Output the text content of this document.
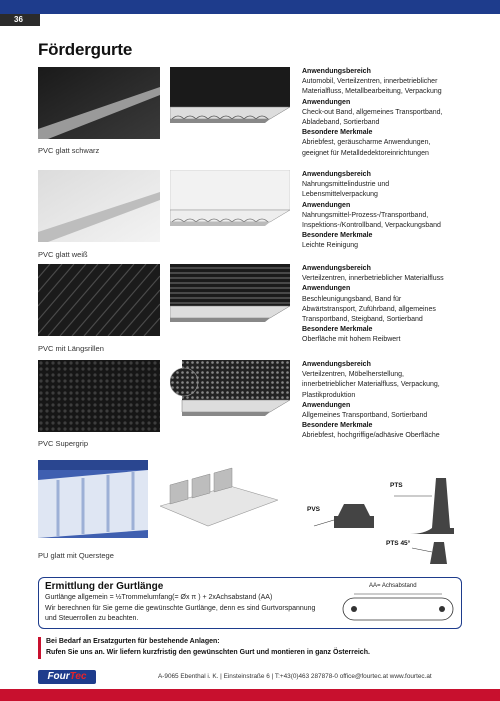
36
Fördergurte
PVC glatt schwarz
Anwendungsbereich
Automobil, Verteilzentren, innerbetrieblicher
Materialfluss, Metallbearbeitung, Verpackung
Anwendungen
Check-out Band, allgemeines Transportband,
Abladeband, Sortierband
Besondere Merkmale
Abriebfest, geräuscharme Anwendungen,
geeignet für Metalldedektoreinrichtungen
PVC glatt weiß
Anwendungsbereich
Nahrungsmittelindustrie und
Lebensmittelverpackung
Anwendungen
Nahrungsmittel-Prozess-/Transportband,
Inspektions-/Kontrollband, Verpackungsband
Besondere Merkmale
Leichte Reinigung
PVC mit Längsrillen
Anwendungsbereich
Verteilzentren, innerbetrieblicher Materialfluss
Anwendungen
Beschleunigungsband, Band für
Abwärtstransport, Zuführband, allgemeines
Transportband, Steigband, Sortierband
Besondere Merkmale
Oberfläche mit hohem Reibwert
PVC Supergrip
Anwendungsbereich
Verteilzentren, Möbelherstellung,
innerbetrieblicher Materialfluss, Verpackung,
Plastikproduktion
Anwendungen
Allgemeines Transportband, Sortierband
Besondere Merkmale
Abriebfest, hochgriffige/adhäsive Oberfläche
PU glatt mit Querstege
PVS
PTS
PTS 45°
Ermittlung der Gurtlänge
Gurtlänge allgemein = ½Trommelumfang(= Øx π ) + 2xAchsabstand (AA)
Wir berechnen für Sie gerne die gewünschte Gurtlänge, denn es sind Gurtvorspannung
und Steuerrollen zu beachten.
AA= Achsabstand
Bei Bedarf an Ersatzgurten für bestehende Anlagen:
Rufen Sie uns an. Wir liefern kurzfristig den gewünschten Gurt und montieren in ganz Österreich.
FourTec	A-9065 Ebenthal i. K. | Einsteinstraße 6 | T:+43(0)463 287878-0 office@fourtec.at www.fourtec.at
